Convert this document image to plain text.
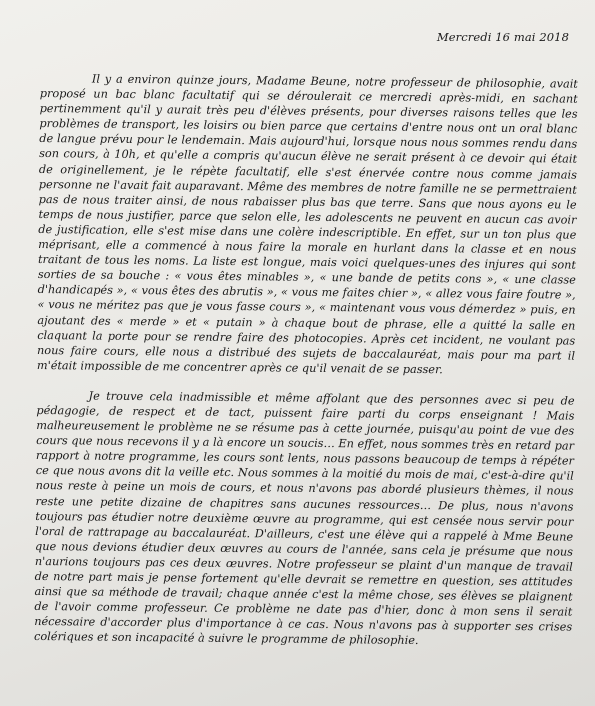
Mercredi 16 mai 2018

Il y a environ quinze jours, Madame Beune, notre professeur de philosophie, avait proposé un bac blanc facultatif qui se déroulerait ce mercredi après-midi, en sachant pertinemment qu'il y aurait très peu d'élèves présents, pour diverses raisons telles que les problèmes de transport, les loisirs ou bien parce que certains d'entre nous ont un oral blanc de langue prévu pour le lendemain. Mais aujourd'hui, lorsque nous nous sommes rendu dans son cours, à 10h, et qu'elle a compris qu'aucun élève ne serait présent à ce devoir qui était de originellement, je le répète facultatif, elle s'est énervée contre nous comme jamais personne ne l'avait fait auparavant. Même des membres de notre famille ne se permettraient pas de nous traiter ainsi, de nous rabaisser plus bas que terre. Sans que nous ayons eu le temps de nous justifier, parce que selon elle, les adolescents ne peuvent en aucun cas avoir de justification, elle s'est mise dans une colère indescriptible. En effet, sur un ton plus que méprisant, elle a commencé à nous faire la morale en hurlant dans la classe et en nous traitant de tous les noms. La liste est longue, mais voici quelques-unes des injures qui sont sorties de sa bouche : « vous êtes minables », « une bande de petits cons », « une classe d'handicapés », « vous êtes des abrutis », « vous me faites chier », « allez vous faire foutre », « vous ne méritez pas que je vous fasse cours », « maintenant vous vous démerdez » puis, en ajoutant des « merde » et « putain » à chaque bout de phrase, elle a quitté la salle en claquant la porte pour se rendre faire des photocopies. Après cet incident, ne voulant pas nous faire cours, elle nous a distribué des sujets de baccalauréat, mais pour ma part il m'était impossible de me concentrer après ce qu'il venait de se passer.

Je trouve cela inadmissible et même affolant que des personnes avec si peu de pédagogie, de respect et de tact, puissent faire parti du corps enseignant ! Mais malheureusement le problème ne se résume pas à cette journée, puisqu'au point de vue des cours que nous recevons il y a là encore un soucis… En effet, nous sommes très en retard par rapport à notre programme, les cours sont lents, nous passons beaucoup de temps à répéter ce que nous avons dit la veille etc. Nous sommes à la moitié du mois de mai, c'est-à-dire qu'il nous reste à peine un mois de cours, et nous n'avons pas abordé plusieurs thèmes, il nous reste une petite dizaine de chapitres sans aucunes ressources… De plus, nous n'avons toujours pas étudier notre deuxième œuvre au programme, qui est censée nous servir pour l'oral de rattrapage au baccalauréat. D'ailleurs, c'est une élève qui a rappelé à Mme Beune que nous devions étudier deux œuvres au cours de l'année, sans cela je présume que nous n'aurions toujours pas ces deux œuvres. Notre professeur se plaint d'un manque de travail de notre part mais je pense fortement qu'elle devrait se remettre en question, ses attitudes ainsi que sa méthode de travail; chaque année c'est la même chose, ses élèves se plaignent de l'avoir comme professeur. Ce problème ne date pas d'hier, donc à mon sens il serait nécessaire d'accorder plus d'importance à ce cas. Nous n'avons pas à supporter ses crises colériques et son incapacité à suivre le programme de philosophie.
